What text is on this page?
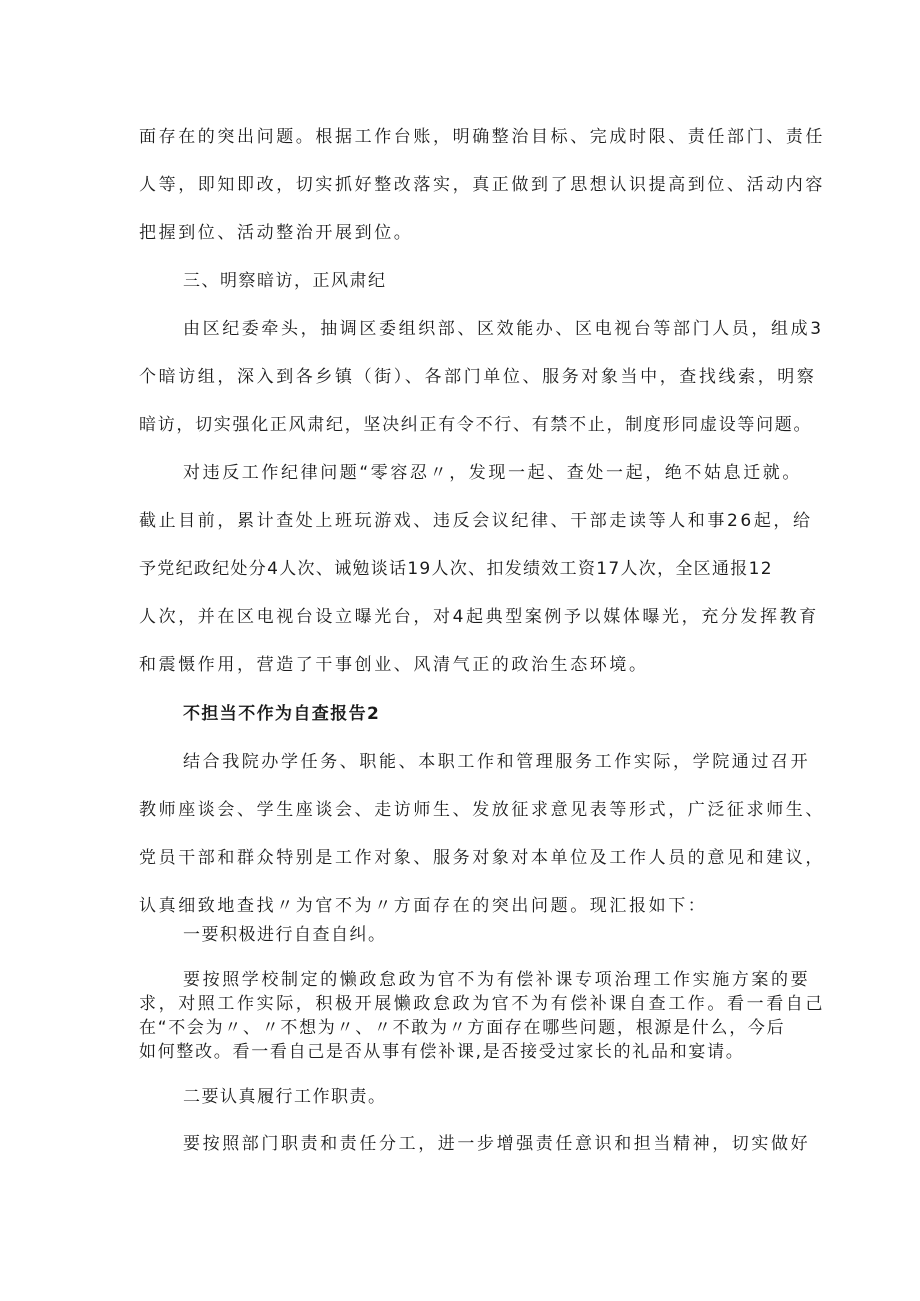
面存在的突出问题。根据工作台账，明确整治目标、完成时限、责任部门、责任
人等，即知即改，切实抓好整改落实，真正做到了思想认识提高到位、活动内容
把握到位、活动整治开展到位。
三、明察暗访，正风肃纪
由区纪委牵头，抽调区委组织部、区效能办、区电视台等部门人员，组成3
个暗访组，深入到各乡镇（街）、各部门单位、服务对象当中，查找线索，明察
暗访，切实强化正风肃纪，坚决纠正有令不行、有禁不止，制度形同虚设等问题。
对违反工作纪律问题“零容忍〃，发现一起、查处一起，绝不姑息迁就。
截止目前，累计查处上班玩游戏、违反会议纪律、干部走读等人和事26起，给
予党纪政纪处分4人次、诫勉谈话19人次、扣发绩效工资17人次，全区通报12
人次，并在区电视台设立曝光台，对4起典型案例予以媒体曝光，充分发挥教育
和震慑作用，营造了干事创业、风清气正的政治生态环境。
不担当不作为自查报告2
结合我院办学任务、职能、本职工作和管理服务工作实际，学院通过召开
教师座谈会、学生座谈会、走访师生、发放征求意见表等形式，广泛征求师生、
党员干部和群众特别是工作对象、服务对象对本单位及工作人员的意见和建议，
认真细致地查找〃为官不为〃方面存在的突出问题。现汇报如下：
一要积极进行自查自纠。
要按照学校制定的懒政怠政为官不为有偿补课专项治理工作实施方案的要
求，对照工作实际，积极开展懒政怠政为官不为有偿补课自查工作。看一看自己
在“不会为〃、〃不想为〃、〃不敢为〃方面存在哪些问题，根源是什么，今后
如何整改。看一看自己是否从事有偿补课,是否接受过家长的礼品和宴请。
二要认真履行工作职责。
要按照部门职责和责任分工，进一步增强责任意识和担当精神，切实做好
